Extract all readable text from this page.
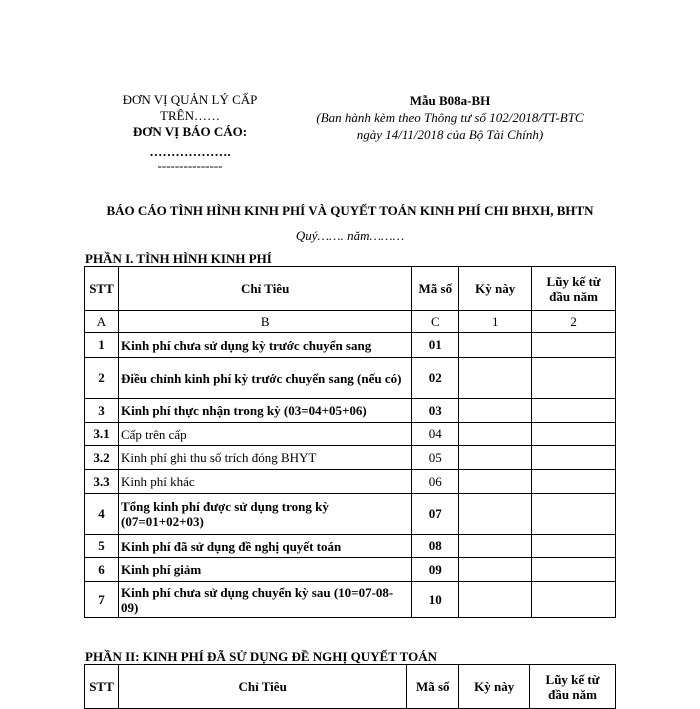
ĐƠN VỊ QUẢN LÝ CẤP
TRÊN……
ĐƠN VỊ BÁO CÁO:
……………….
---------------
Mẫu B08a-BH
(Ban hành kèm theo Thông tư số 102/2018/TT-BTC
ngày 14/11/2018 của Bộ Tài Chính)
BÁO CÁO TÌNH HÌNH KINH PHÍ VÀ QUYẾT TOÁN KINH PHÍ CHI BHXH, BHTN
Quý……. năm………
PHẦN I. TÌNH HÌNH KINH PHÍ
STT	Chỉ Tiêu	Mã số	Kỳ này	Lũy kế từ
đầu năm

A	B	C	1	2
1	Kinh phí chưa sử dụng kỳ trước chuyển sang	01		
2	Điều chỉnh kinh phí kỳ trước chuyển sang (nếu có)	02		
3	Kinh phí thực nhận trong kỳ (03=04+05+06)	03		
3.1	Cấp trên cấp	04		
3.2	Kinh phí ghi thu số trích đóng BHYT	05		
3.3	Kinh phí khác	06		
4	Tổng kinh phí được sử dụng trong kỳ (07=01+02+03)	07		
5	Kinh phí đã sử dụng đề nghị quyết toán	08		
6	Kinh phí giảm	09		
7	Kinh phí chưa sử dụng chuyển kỳ sau (10=07-08-09)	10		
PHẦN II: KINH PHÍ ĐÃ SỬ DỤNG ĐỀ NGHỊ QUYẾT TOÁN
STT	Chỉ Tiêu	Mã số	Kỳ này	Lũy kế từ
đầu năm
